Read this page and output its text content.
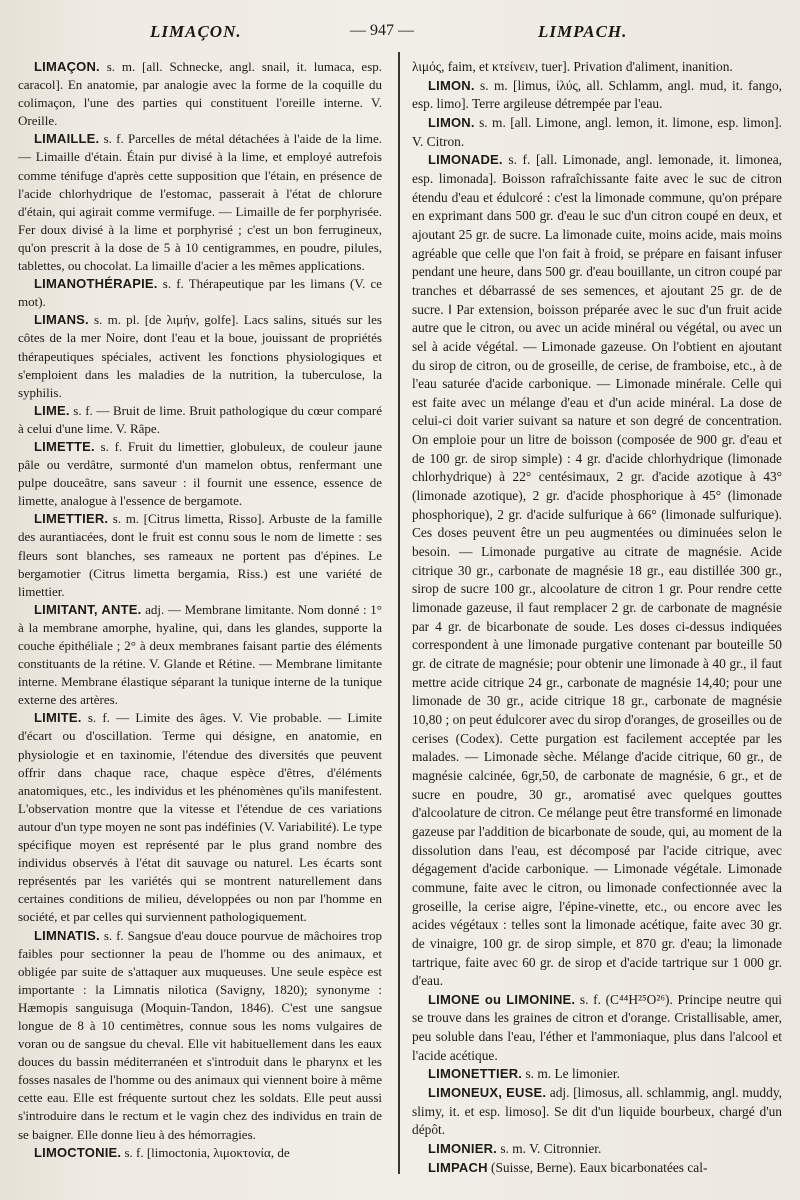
LIMAÇON.	— 947 —	LIMPACH.

LIMAÇON. s. m. [all. Schnecke, angl. snail, it. lumaca, esp. caracol]. En anatomie, par analogie avec la forme de la coquille du colimaçon, l'une des parties qui constituent l'oreille interne. V. Oreille.

LIMAILLE. s. f. Parcelles de métal détachées à l'aide de la lime. — Limaille d'étain. Étain pur divisé à la lime, et employé autrefois comme ténifuge d'après cette supposition que l'étain, en présence de l'acide chlorhydrique de l'estomac, passerait à l'état de chlorure d'étain, qui agirait comme vermifuge. — Limaille de fer porphyrisée. Fer doux divisé à la lime et porphyrisé ; c'est un bon ferrugineux, qu'on prescrit à la dose de 5 à 10 centigrammes, en poudre, pilules, tablettes, ou chocolat. La limaille d'acier a les mêmes applications.

LIMANOTHÉRAPIE. s. f. Thérapeutique par les limans (V. ce mot).

LIMANS. s. m. pl. [de λιμήν, golfe]. Lacs salins, situés sur les côtes de la mer Noire, dont l'eau et la boue, jouissant de propriétés thérapeutiques spéciales, activent les fonctions physiologiques et s'emploient dans les maladies de la nutrition, la tuberculose, la syphilis.

LIME. s. f. — Bruit de lime. Bruit pathologique du cœur comparé à celui d'une lime. V. Râpe.

LIMETTE. s. f. Fruit du limettier, globuleux, de couleur jaune pâle ou verdâtre, surmonté d'un mamelon obtus, renfermant une pulpe douceâtre, sans saveur : il fournit une essence, essence de limette, analogue à l'essence de bergamote.

LIMETTIER. s. m. [Citrus limetta, Risso]. Arbuste de la famille des aurantiacées, dont le fruit est connu sous le nom de limette : ses fleurs sont blanches, ses rameaux ne portent pas d'épines. Le bergamotier (Citrus limetta bergamia, Riss.) est une variété de limettier.

LIMITANT, ANTE. adj. — Membrane limitante. Nom donné : 1° à la membrane amorphe, hyaline, qui, dans les glandes, supporte la couche épithéliale ; 2° à deux membranes faisant partie des éléments constituants de la rétine. V. Glande et Rétine. — Membrane limitante interne. Membrane élastique séparant la tunique interne de la tunique externe des artères.

LIMITE. s. f. — Limite des âges. V. Vie probable. — Limite d'écart ou d'oscillation. Terme qui désigne, en anatomie, en physiologie et en taxinomie, l'étendue des diversités que peuvent offrir dans chaque race, chaque espèce d'êtres, d'éléments anatomiques, etc., les individus et les phénomènes qu'ils manifestent. L'observation montre que la vitesse et l'étendue de ces variations autour d'un type moyen ne sont pas indéfinies (V. Variabilité). Le type spécifique moyen est représenté par le plus grand nombre des individus observés à l'état dit sauvage ou naturel. Les écarts sont représentés par les variétés qui se montrent naturellement dans certaines conditions de milieu, développées ou non par l'homme en société, et par celles qui surviennent pathologiquement.

LIMNATIS. s. f. Sangsue d'eau douce pourvue de mâchoires trop faibles pour sectionner la peau de l'homme ou des animaux, et obligée par suite de s'attaquer aux muqueuses. Une seule espèce est importante : la Limnatis nilotica (Savigny, 1820); synonyme : Hæmopis sanguisuga (Moquin-Tandon, 1846). C'est une sangsue longue de 8 à 10 centimètres, connue sous les noms vulgaires de voran ou de sangsue du cheval. Elle vit habituellement dans les eaux douces du bassin méditerranéen et s'introduit dans le pharynx et les fosses nasales de l'homme ou des animaux qui viennent boire à même cette eau. Elle est fréquente surtout chez les soldats. Elle peut aussi s'introduire dans le rectum et le vagin chez des individus en train de se baigner. Elle donne lieu à des hémorragies.

LIMOCTONIE. s. f. [limoctonia, λιμοκτονία, de

λιμός, faim, et κτείνειν, tuer]. Privation d'aliment, inanition.

LIMON. s. m. [limus, ἰλύς, all. Schlamm, angl. mud, it. fango, esp. limo]. Terre argileuse détrempée par l'eau.

LIMON. s. m. [all. Limone, angl. lemon, it. limone, esp. limon]. V. Citron.

LIMONADE. s. f. [all. Limonade, angl. lemonade, it. limonea, esp. limonada]. Boisson rafraîchissante faite avec le suc de citron étendu d'eau et édulcoré : c'est la limonade commune, qu'on prépare en exprimant dans 500 gr. d'eau le suc d'un citron coupé en deux, et ajoutant 25 gr. de sucre. La limonade cuite, moins acide, mais moins agréable que celle que l'on fait à froid, se prépare en faisant infuser pendant une heure, dans 500 gr. d'eau bouillante, un citron coupé par tranches et débarrassé de ses semences, et ajoutant 25 gr. de de sucre. ‖ Par extension, boisson préparée avec le suc d'un fruit acide autre que le citron, ou avec un acide minéral ou végétal, ou avec un sel à acide végétal. — Limonade gazeuse. On l'obtient en ajoutant du sirop de citron, ou de groseille, de cerise, de framboise, etc., à de l'eau saturée d'acide carbonique. — Limonade minérale. Celle qui est faite avec un mélange d'eau et d'un acide minéral. La dose de celui-ci doit varier suivant sa nature et son degré de concentration. On emploie pour un litre de boisson (composée de 900 gr. d'eau et de 100 gr. de sirop simple) : 4 gr. d'acide chlorhydrique (limonade chlorhydrique) à 22° centésimaux, 2 gr. d'acide azotique à 43° (limonade azotique), 2 gr. d'acide phosphorique à 45° (limonade phosphorique), 2 gr. d'acide sulfurique à 66° (limonade sulfurique). Ces doses peuvent être un peu augmentées ou diminuées selon le besoin. — Limonade purgative au citrate de magnésie. Acide citrique 30 gr., carbonate de magnésie 18 gr., eau distillée 300 gr., sirop de sucre 100 gr., alcoolature de citron 1 gr. Pour rendre cette limonade gazeuse, il faut remplacer 2 gr. de carbonate de magnésie par 4 gr. de bicarbonate de soude. Les doses ci-dessus indiquées correspondent à une limonade purgative contenant par bouteille 50 gr. de citrate de magnésie; pour obtenir une limonade à 40 gr., il faut mettre acide citrique 24 gr., carbonate de magnésie 14,40; pour une limonade de 30 gr., acide citrique 18 gr., carbonate de magnésie 10,80 ; on peut édulcorer avec du sirop d'oranges, de groseilles ou de cerises (Codex). Cette purgation est facilement acceptée par les malades. — Limonade sèche. Mélange d'acide citrique, 60 gr., de magnésie calcinée, 6gr,50, de carbonate de magnésie, 6 gr., et de sucre en poudre, 30 gr., aromatisé avec quelques gouttes d'alcoolature de citron. Ce mélange peut être transformé en limonade gazeuse par l'addition de bicarbonate de soude, qui, au moment de la dissolution dans l'eau, est décomposé par l'acide citrique, avec dégagement d'acide carbonique. — Limonade végétale. Limonade commune, faite avec le citron, ou limonade confectionnée avec la groseille, la cerise aigre, l'épine-vinette, etc., ou encore avec les acides végétaux : telles sont la limonade acétique, faite avec 30 gr. de vinaigre, 100 gr. de sirop simple, et 870 gr. d'eau; la limonade tartrique, faite avec 60 gr. de sirop et d'acide tartrique sur 1 000 gr. d'eau.

LIMONE ou LIMONINE. s. f. (C⁴⁴H²⁵O²⁶). Principe neutre qui se trouve dans les graines de citron et d'orange. Cristallisable, amer, peu soluble dans l'eau, l'éther et l'ammoniaque, plus dans l'alcool et l'acide acétique.

LIMONETTIER. s. m. Le limonier.

LIMONEUX, EUSE. adj. [limosus, all. schlammig, angl. muddy, slimy, it. et esp. limoso]. Se dit d'un liquide bourbeux, chargé d'un dépôt.

LIMONIER. s. m. V. Citronnier.

LIMPACH (Suisse, Berne). Eaux bicarbonatées cal-
